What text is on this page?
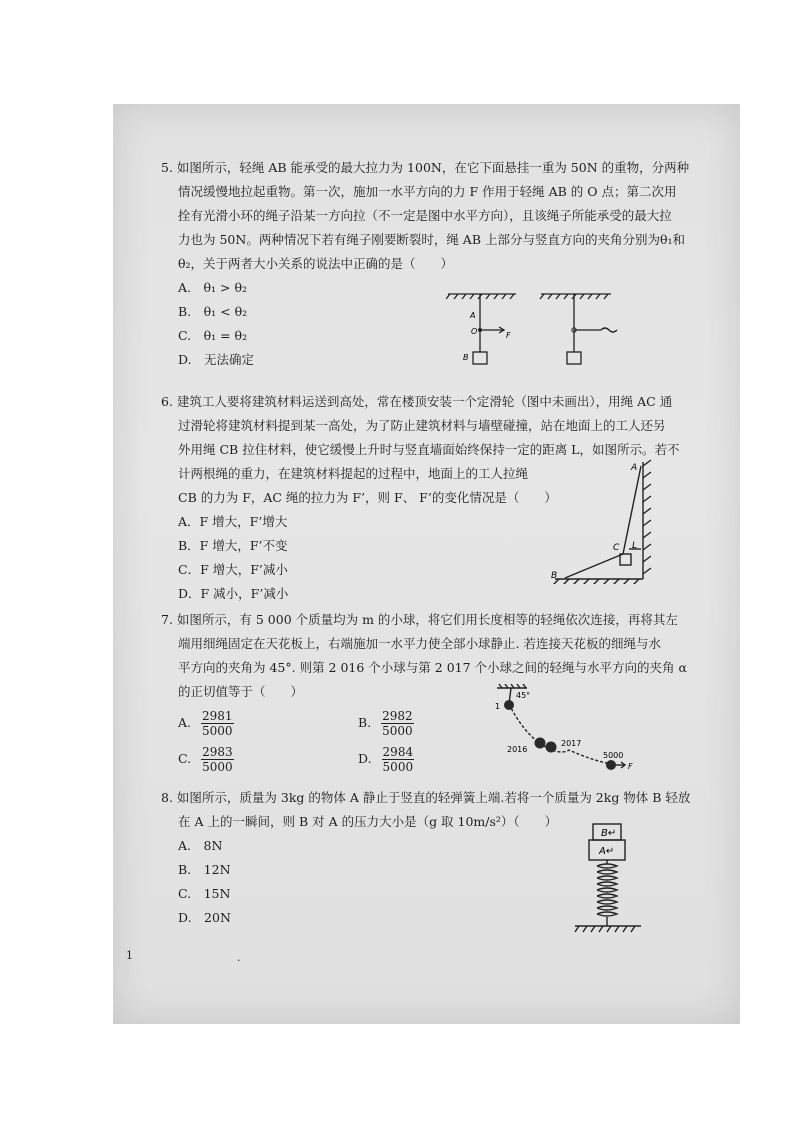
5. 如图所示，轻绳 AB 能承受的最大拉力为 100N，在它下面悬挂一重为 50N 的重物，分两种
情况缓慢地拉起重物。第一次，施加一水平方向的力 F 作用于轻绳 AB 的 O 点；第二次用
拴有光滑小环的绳子沿某一方向拉（不一定是图中水平方向），且该绳子所能承受的最大拉
力也为 50N。两种情况下若有绳子刚要断裂时，绳 AB 上部分与竖直方向的夹角分别为θ₁和
θ₂，关于两者大小关系的说法中正确的是（　　）
A.　θ₁ > θ₂
B.　θ₁ < θ₂
C.　θ₁ = θ₂
D.　无法确定
A
O	F
B
6. 建筑工人要将建筑材料运送到高处，常在楼顶安装一个定滑轮（图中未画出），用绳 AC 通
过滑轮将建筑材料提到某一高处，为了防止建筑材料与墙壁碰撞，站在地面上的工人还另
外用绳 CB 拉住材料，使它缓慢上升时与竖直墙面始终保持一定的距离 L，如图所示。若不
计两根绳的重力，在建筑材料提起的过程中，地面上的工人拉绳
CB 的力为 F，AC 绳的拉力为 F’，则 F、 F’的变化情况是（　　）
A．F 增大，F’增大
B．F 增大，F’不变
C．F 增大，F’减小
D．F 减小，F’减小
A
C L
B
7. 如图所示，有 5 000 个质量均为 m 的小球，将它们用长度相等的轻绳依次连接，再将其左
端用细绳固定在天花板上，右端施加一水平力使全部小球静止. 若连接天花板的细绳与水
平方向的夹角为 45°. 则第 2 016 个小球与第 2 017 个小球之间的轻绳与水平方向的夹角 α
的正切值等于（　　）
A. $\frac{2981}{5000}$	B. $\frac{2982}{5000}$
C. $\frac{2983}{5000}$	D. $\frac{2984}{5000}$
45°
1
2016
2017
5000
F
8. 如图所示，质量为 3kg 的物体 A 静止于竖直的轻弹簧上端.若将一个质量为 2kg 物体 B 轻放
在 A 上的一瞬间，则 B 对 A 的压力大小是（g 取 10m/s²）（　　）
A.　8N
B.　12N
C.　15N
D.　20N
B↵
A↵
1	.
